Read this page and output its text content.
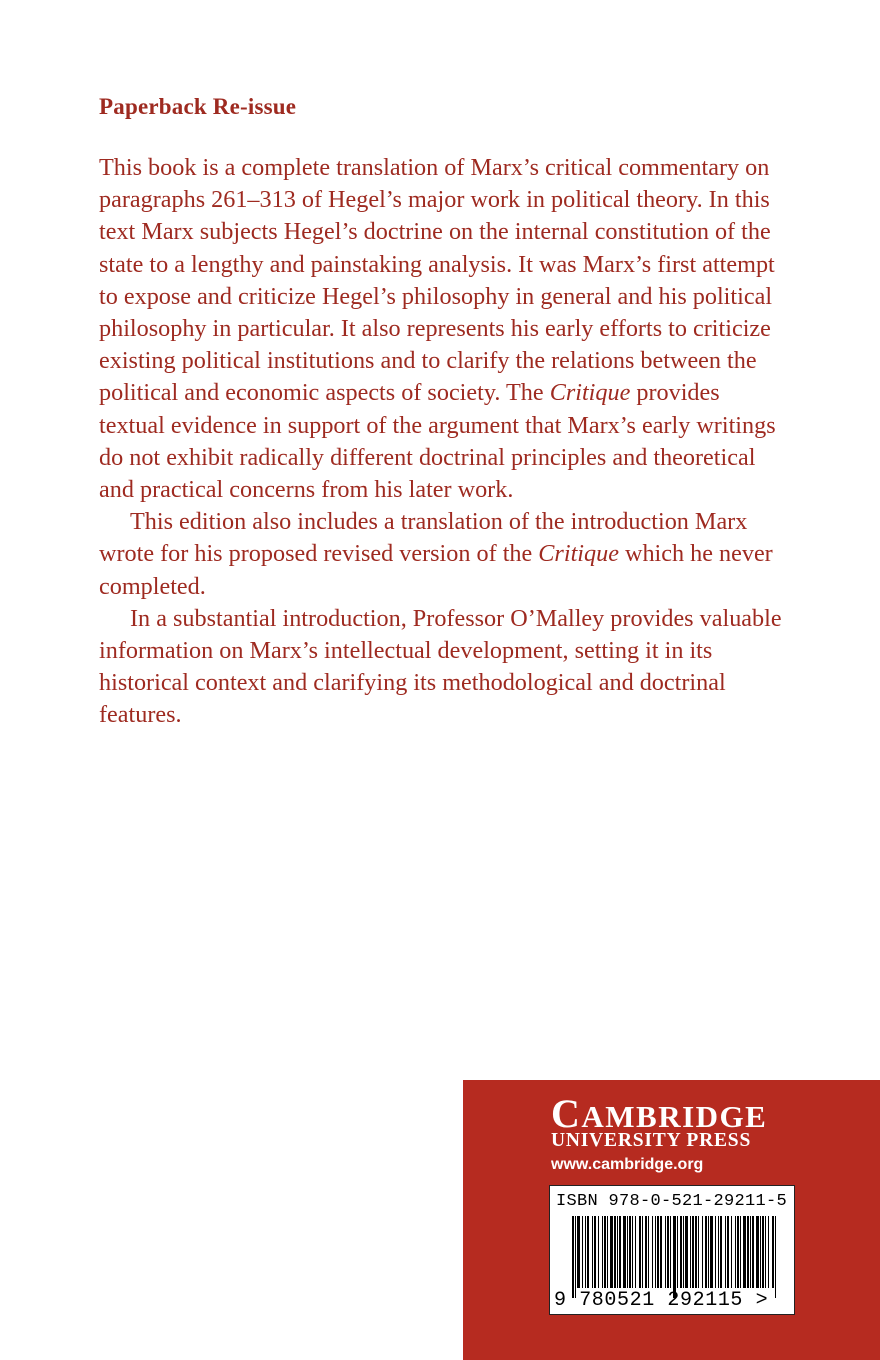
Paperback Re-issue

This book is a complete translation of Marx’s critical commentary on paragraphs 261–313 of Hegel’s major work in political theory. In this text Marx subjects Hegel’s doctrine on the internal constitution of the state to a lengthy and painstaking analysis. It was Marx’s first attempt to expose and criticize Hegel’s philosophy in general and his political philosophy in particular. It also represents his early efforts to criticize existing political institutions and to clarify the relations between the political and economic aspects of society. The Critique provides textual evidence in support of the argument that Marx’s early writings do not exhibit radically different doctrinal principles and theoretical and practical concerns from his later work.

This edition also includes a translation of the introduction Marx wrote for his proposed revised version of the Critique which he never completed.

In a substantial introduction, Professor O’Malley provides valuable information on Marx’s intellectual development, setting it in its historical context and clarifying its methodological and doctrinal features.

CAMBRIDGE
UNIVERSITY PRESS
www.cambridge.org
ISBN 978-0-521-29211-5
9 780521 292115 >
